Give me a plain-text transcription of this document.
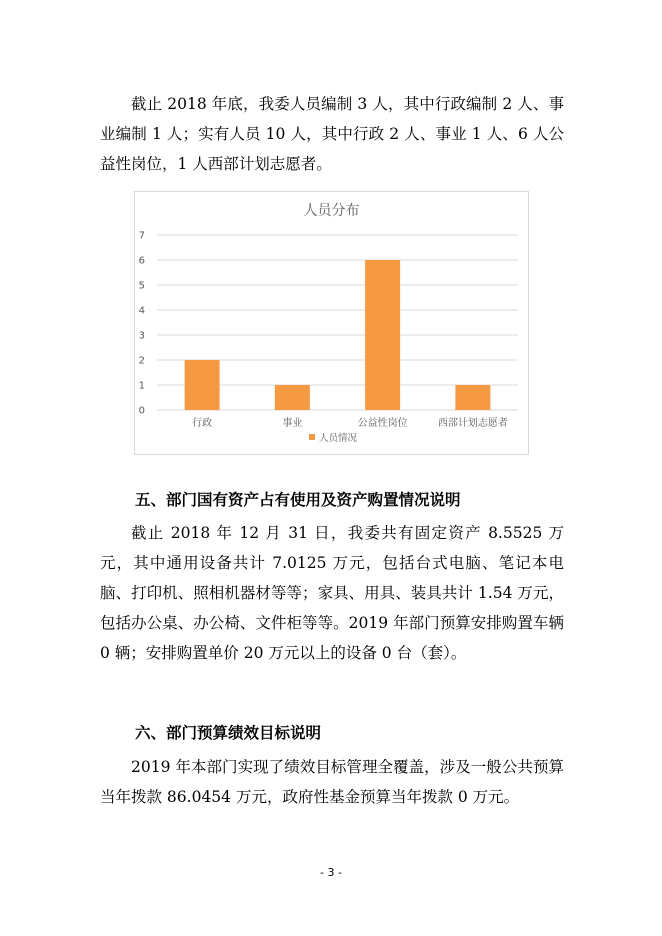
截止 2018 年底，我委人员编制 3 人，其中行政编制 2 人、事业编制 1 人；实有人员 10 人，其中行政 2 人、事业 1 人、6 人公益性岗位，1 人西部计划志愿者。

人员分布
0
1
2
3
4
5
6
7
行政	事业	公益性岗位	西部计划志愿者
人员情况
五、部门国有资产占有使用及资产购置情况说明

截止 2018 年 12 月 31 日，我委共有固定资产 8.5525 万元，其中通用设备共计 7.0125 万元，包括台式电脑、笔记本电脑、打印机、照相机器材等等；家具、用具、装具共计 1.54 万元，包括办公桌、办公椅、文件柜等等。2019 年部门预算安排购置车辆 0 辆；安排购置单价 20 万元以上的设备 0 台（套）。

六、部门预算绩效目标说明

2019 年本部门实现了绩效目标管理全覆盖，涉及一般公共预算当年拨款 86.0454 万元，政府性基金预算当年拨款 0 万元。

- 3 -
